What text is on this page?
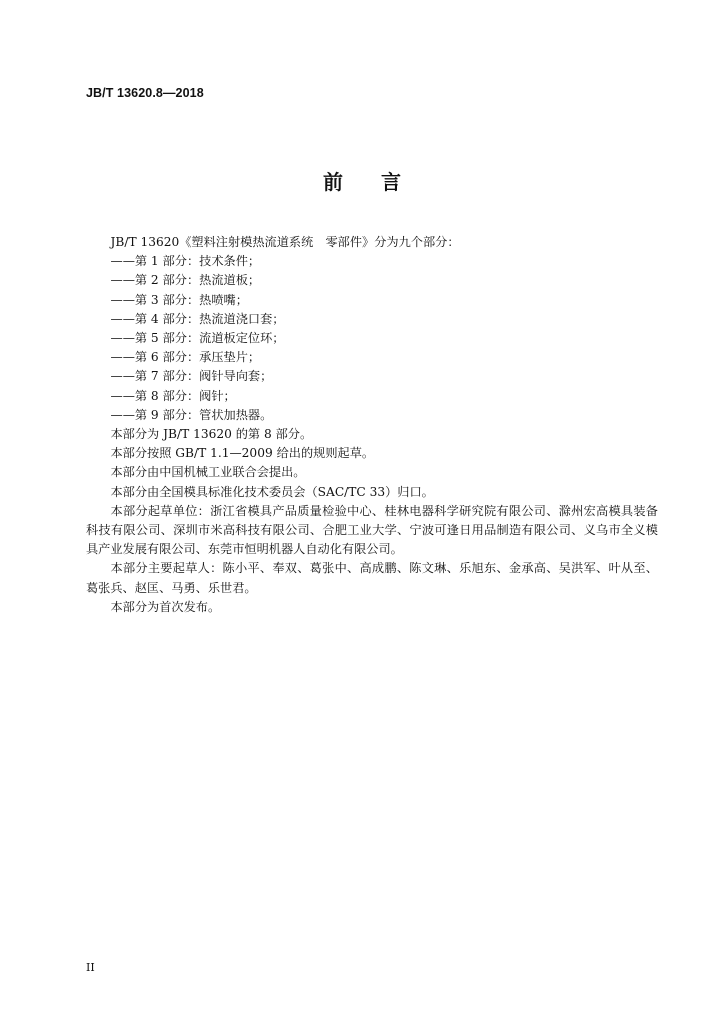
JB/T 13620.8—2018
前 言

JB/T 13620《塑料注射模热流道系统　零部件》分为九个部分：

——第 1 部分：技术条件；

——第 2 部分：热流道板；

——第 3 部分：热喷嘴；

——第 4 部分：热流道浇口套；

——第 5 部分：流道板定位环；

——第 6 部分：承压垫片；

——第 7 部分：阀针导向套；

——第 8 部分：阀针；

——第 9 部分：管状加热器。

本部分为 JB/T 13620 的第 8 部分。

本部分按照 GB/T 1.1—2009 给出的规则起草。

本部分由中国机械工业联合会提出。

本部分由全国模具标准化技术委员会（SAC/TC 33）归口。

本部分起草单位：浙江省模具产品质量检验中心、桂林电器科学研究院有限公司、滁州宏高模具装备科技有限公司、深圳市米高科技有限公司、合肥工业大学、宁波可逢日用品制造有限公司、义乌市全义模具产业发展有限公司、东莞市恒明机器人自动化有限公司。

本部分主要起草人：陈小平、奉双、葛张中、高成鹏、陈文琳、乐旭东、金承高、吴洪军、叶从至、葛张兵、赵匡、马勇、乐世君。

本部分为首次发布。

II
